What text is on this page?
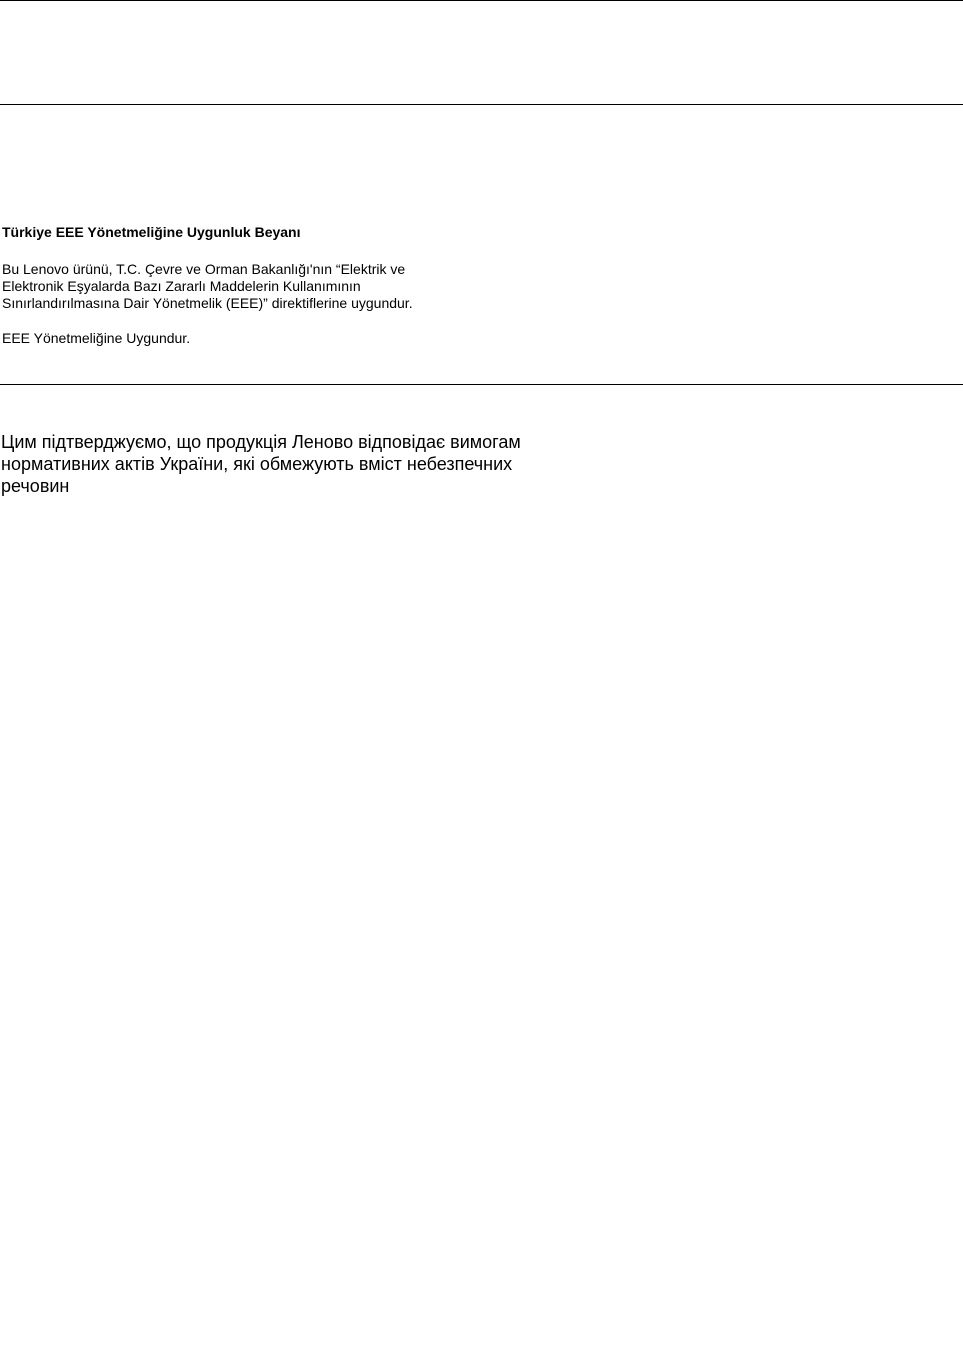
Türkiye EEE Yönetmeliğine Uygunluk Beyanı

Bu Lenovo ürünü, T.C. Çevre ve Orman Bakanlığı'nın “Elektrik ve
Elektronik Eşyalarda Bazı Zararlı Maddelerin Kullanımının
Sınırlandırılmasına Dair Yönetmelik (EEE)” direktiflerine uygundur.

EEE Yönetmeliğine Uygundur.

Цим підтверджуємо, що продукція Леново відповідає вимогам
нормативних актів України, які обмежують вміст небезпечних
речовин
